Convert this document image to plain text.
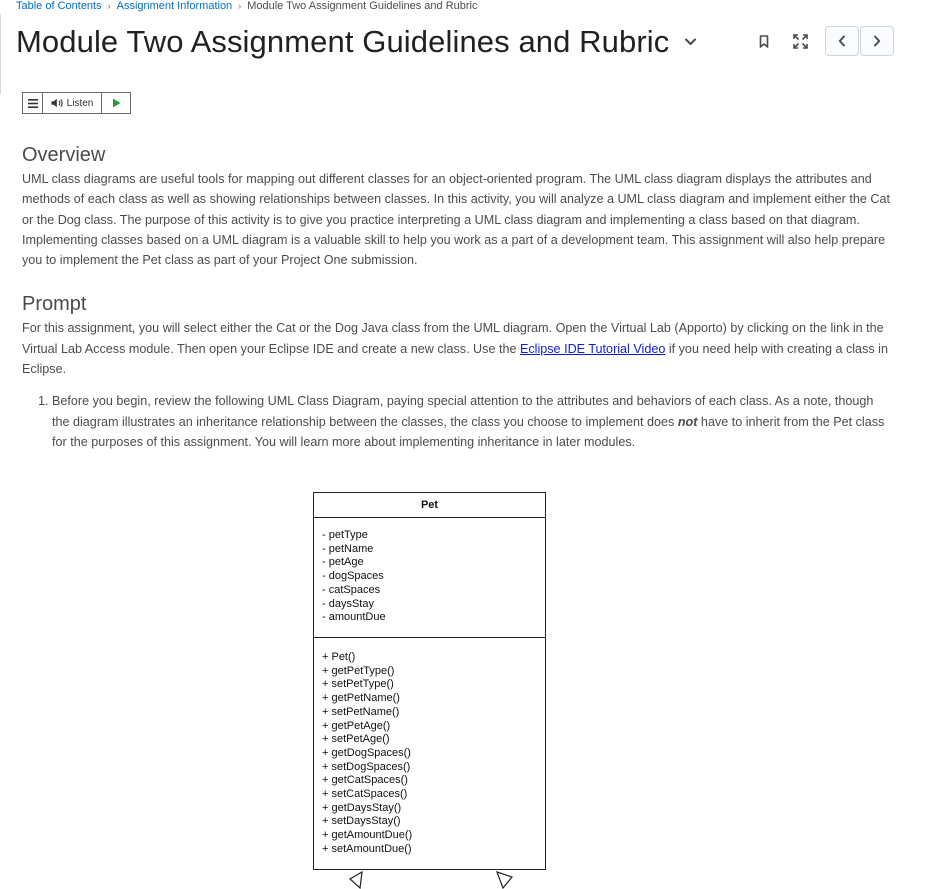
Table of Contents › Assignment Information › Module Two Assignment Guidelines and Rubric
Module Two Assignment Guidelines and Rubric
Listen
Overview

UML class diagrams are useful tools for mapping out different classes for an object-oriented program. The UML class diagram displays the attributes and methods of each class as well as showing relationships between classes. In this activity, you will analyze a UML class diagram and implement either the Cat or the Dog class. The purpose of this activity is to give you practice interpreting a UML class diagram and implementing a class based on that diagram. Implementing classes based on a UML diagram is a valuable skill to help you work as a part of a development team. This assignment will also help prepare you to implement the Pet class as part of your Project One submission.

Prompt

For this assignment, you will select either the Cat or the Dog Java class from the UML diagram. Open the Virtual Lab (Apporto) by clicking on the link in the Virtual Lab Access module. Then open your Eclipse IDE and create a new class. Use the Eclipse IDE Tutorial Video if you need help with creating a class in Eclipse.

1. Before you begin, review the following UML Class Diagram, paying special attention to the attributes and behaviors of each class. As a note, though the diagram illustrates an inheritance relationship between the classes, the class you choose to implement does not have to inherit from the Pet class for the purposes of this assignment. You will learn more about implementing inheritance in later modules.
Pet
- petType
- petName
- petAge
- dogSpaces
- catSpaces
- daysStay
- amountDue
+ Pet()
+ getPetType()
+ setPetType()
+ getPetName()
+ setPetName()
+ getPetAge()
+ setPetAge()
+ getDogSpaces()
+ setDogSpaces()
+ getCatSpaces()
+ setCatSpaces()
+ getDaysStay()
+ setDaysStay()
+ getAmountDue()
+ setAmountDue()
